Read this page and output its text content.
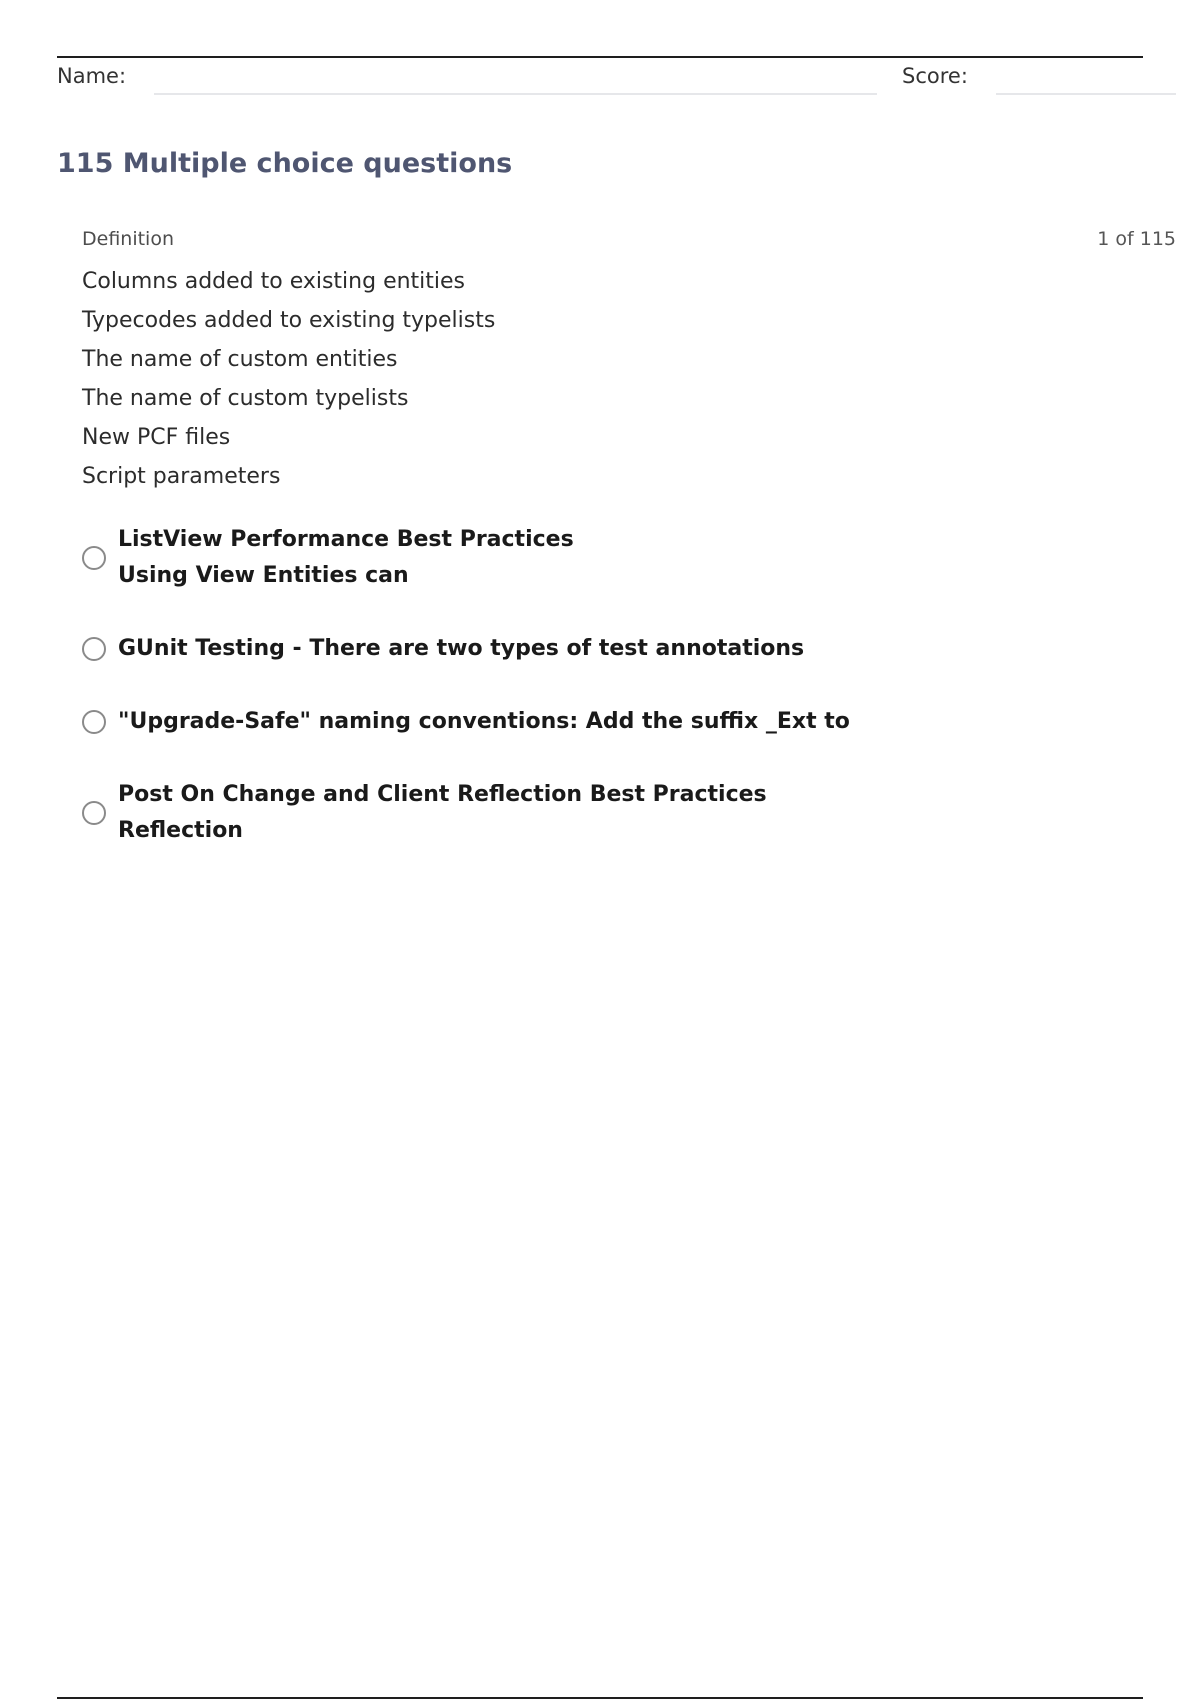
Name:	Score:
115 Multiple choice questions
Definition	1 of 115
Columns added to existing entities
Typecodes added to existing typelists
The name of custom entities
The name of custom typelists
New PCF files
Script parameters
ListView Performance Best Practices
Using View Entities can
GUnit Testing - There are two types of test annotations
"Upgrade-Safe" naming conventions: Add the suffix _Ext to
Post On Change and Client Reflection Best Practices
Reflection
